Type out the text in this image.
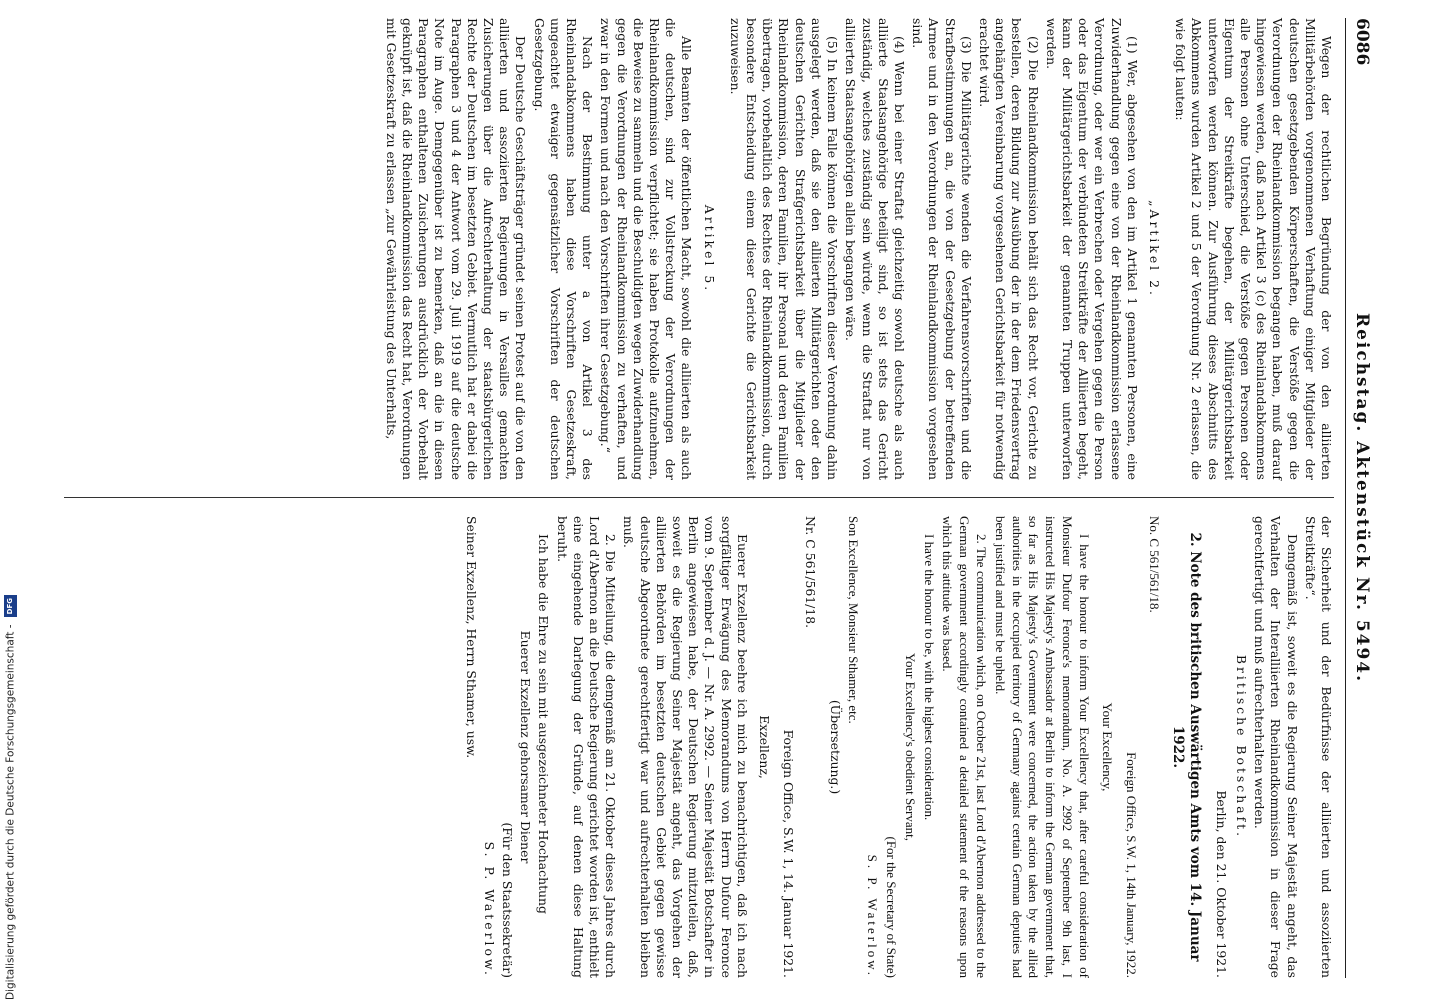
6086
Reichstag. Aktenstück Nr. 5494.

Wegen der rechtlichen Begründung der von den alliierten Militärbehörden vorgenommenen Verhaftung einiger Mitglieder der deutschen gesetzgebenden Körperschaften, die Verstöße gegen die Verordnungen der Rheinlandkommission begangen haben, muß darauf hingewiesen werden, daß nach Artikel 3 (c) des Rheinlandabkommens alle Personen ohne Unterschied, die Verstöße gegen Personen oder Eigentum der Streitkräfte begehen, der Militärgerichtsbarkeit unterworfen werden können. Zur Ausführung dieses Abschnitts des Abkommens wurden Artikel 2 und 5 der Verordnung Nr. 2 erlassen, die wie folgt lauten:

„Artikel 2.

(1) Wer, abgesehen von den im Artikel 1 genannten Personen, eine Zuwiderhandlung gegen eine von der Rheinlandkommission erlassene Verordnung, oder wer ein Verbrechen oder Vergehen gegen die Person oder das Eigentum der verbündeten Streitkräfte der Alliierten begeht, kann der Militärgerichtsbarkeit der genannten Truppen unterworfen werden.

(2) Die Rheinlandkommission behält sich das Recht vor, Gerichte zu bestellen, deren Bildung zur Ausübung der in der dem Friedensvertrag angehängten Vereinbarung vorgesehenen Gerichtsbarkeit für notwendig erachtet wird.

(3) Die Militärgerichte wenden die Verfahrensvorschriften und die Strafbestimmungen an, die von der Gesetzgebung der betreffenden Armee und in den Verordnungen der Rheinlandkommission vorgesehen sind.

(4) Wenn bei einer Straftat gleichzeitig sowohl deutsche als auch alliierte Staatsangehörige beteiligt sind, so ist stets das Gericht zuständig, welches zuständig sein würde, wenn die Straftat nur von alliierten Staatsangehörigen allein begangen wäre.

(5) In keinem Falle können die Vorschriften dieser Verordnung dahin ausgelegt werden, daß sie den alliierten Militärgerichten oder den deutschen Gerichten Strafgerichtsbarkeit über die Mitglieder der Rheinlandkommission, deren Familien, ihr Personal und deren Familien übertragen, vorbehaltlich des Rechtes der Rheinlandkommission, durch besondere Entscheidung einem dieser Gerichte die Gerichtsbarkeit zuzuweisen.

Artikel 5.

Alle Beamten der öffentlichen Macht, sowohl die alliierten als auch die deutschen, sind zur Vollstreckung der Verordnungen der Rheinlandkommission verpflichtet; sie haben Protokolle aufzunehmen, die Beweise zu sammeln und die Beschuldigten wegen Zuwiderhandlung gegen die Verordnungen der Rheinlandkommission zu verhaften, und zwar in den Formen und nach den Vorschriften ihrer Gesetzgebung.“

Nach der Bestimmung unter a von Artikel 3 des Rheinlandabkommens haben diese Vorschriften Gesetzeskraft, ungeachtet etwaiger gegensätzlicher Vorschriften der deutschen Gesetzgebung.

Der Deutsche Geschäftsträger gründet seinen Protest auf die von den alliierten und assoziierten Regierungen in Versailles gemachten Zusicherungen über die Aufrechterhaltung der staatsbürgerlichen Rechte der Deutschen im besetzten Gebiet. Vermutlich hat er dabei die Paragraphen 3 und 4 der Antwort vom 29. Juli 1919 auf die deutsche Note im Auge. Demgegenüber ist zu bemerken, daß an die in diesen Paragraphen enthaltenen Zusicherungen ausdrücklich der Vorbehalt geknüpft ist, daß die Rheinlandkommission das Recht hat, Verordnungen mit Gesetzeskraft zu erlassen „zur Gewährleistung des Unterhalts,

der Sicherheit und der Bedürfnisse der alliierten und assoziierten Streitkräfte“.

Demgemäß ist, soweit es die Regierung Seiner Majestät angeht, das Verhalten der Interalliierten Rheinlandkommission in dieser Frage gerechtfertigt und muß aufrechterhalten werden.

Britische Botschaft.

Berlin, den 21. Oktober 1921.

2. Note des britischen Auswärtigen Amts vom 14. Januar 1922.

No. C 561/561/18.

Foreign Office, S.W. 1, 14th January, 1922.

Your Excellency,

I have the honour to inform Your Excellency that, after careful consideration of Monsieur Dufour Feronce's memorandum, No. A. 2992 of September 9th last, I instructed His Majesty's Ambassador at Berlin to inform the German government that, so far as His Majesty's Government were concerned, the action taken by the allied authorities in the occupied territory of Germany against certain German deputies had been justified and must be upheld.

2. The communication which, on October 21st, last Lord d'Abernon addressed to the German government accordingly contained a detailed statement of the reasons upon which this attitude was based.

I have the honour to be, with the highest consideration.

Your Excellency's obedient Servant,

(For the Secretary of State)

S. P. Waterlow.

Son Excellence, Monsieur Sthamer, etc.

(Übersetzung.)

Nr. C 561/561/18.

Foreign Office, S.W. 1, 14. Januar 1921.

Exzellenz,

Euerer Exzellenz beehre ich mich zu benachrichtigen, daß ich nach sorgfältiger Erwägung des Memorandums von Herrn Dufour Feronce vom 9. September d. J. — Nr. A. 2992. — Seiner Majestät Botschafter in Berlin angewiesen habe, der Deutschen Regierung mitzuteilen, daß, soweit es die Regierung Seiner Majestät angeht, das Vorgehen der alliierten Behörden im besetzten deutschen Gebiet gegen gewisse deutsche Abgeordnete gerechtfertigt war und aufrechterhalten bleiben muß.

2. Die Mitteilung, die demgemäß am 21. Oktober dieses Jahres durch Lord d'Abernon an die Deutsche Regierung gerichtet worden ist, enthielt eine eingehende Darlegung der Gründe, auf denen diese Haltung beruht.

Ich habe die Ehre zu sein mit ausgezeichneter Hochachtung

Euerer Exzellenz gehorsamer Diener

(Für den Staatssekretär)

S. P. Waterlow.

Seiner Exzellenz, Herrn Sthamer, usw.

Digitalisierung gefördert durch die Deutsche Forschungsgemeinschaft - DFG
